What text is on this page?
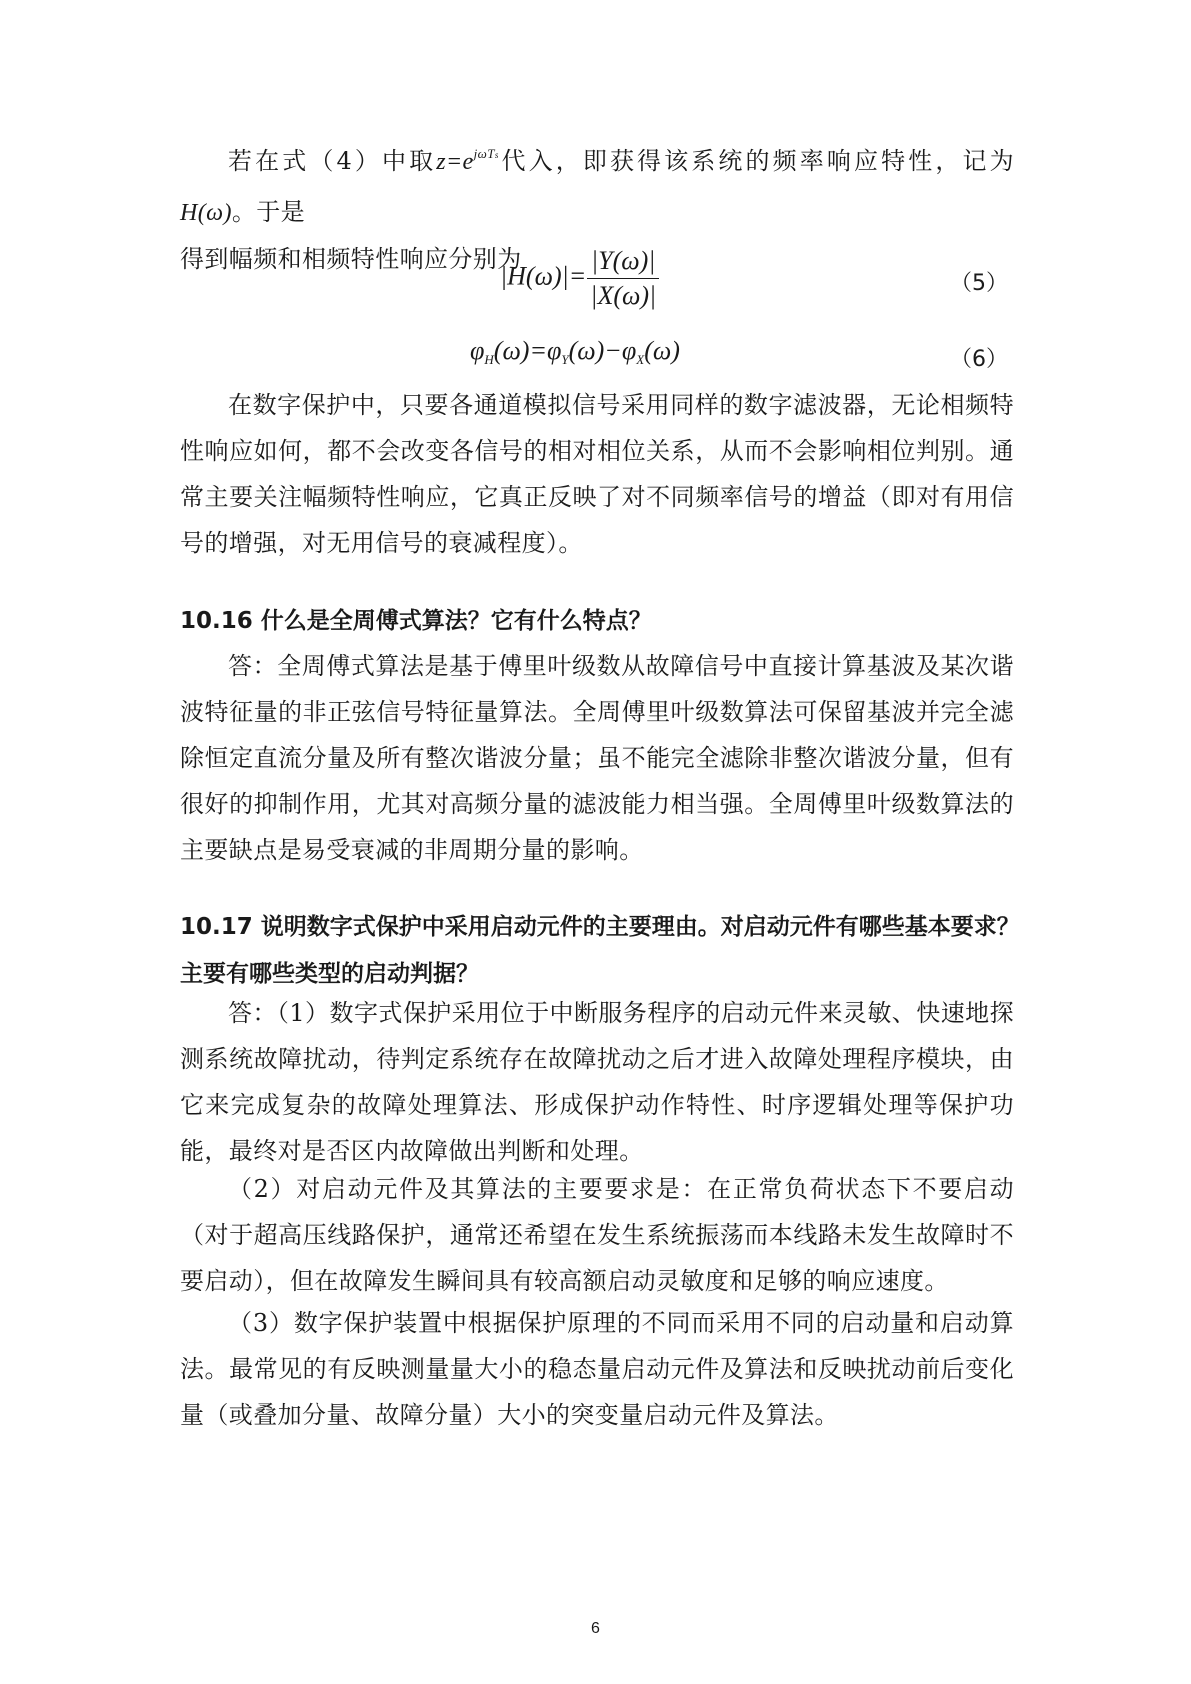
若在式（4）中取$z=e^{j\omega Ts}$代入，即获得该系统的频率响应特性，记为H(ω)。于是
得到幅频和相频特性响应分别为

$|H(\omega)|= \frac{|Y(\omega)|}{|X(\omega)|}$	（5）
φH(ω)=φY(ω)−φX(ω)	（6）

在数字保护中，只要各通道模拟信号采用同样的数字滤波器，无论相频特性响应如何，都不会改变各信号的相对相位关系，从而不会影响相位判别。通常主要关注幅频特性响应，它真正反映了对不同频率信号的增益（即对有用信号的增强，对无用信号的衰减程度）。

10.16 什么是全周傅式算法？它有什么特点？

答：全周傅式算法是基于傅里叶级数从故障信号中直接计算基波及某次谐波特征量的非正弦信号特征量算法。全周傅里叶级数算法可保留基波并完全滤除恒定直流分量及所有整次谐波分量；虽不能完全滤除非整次谐波分量，但有很好的抑制作用，尤其对高频分量的滤波能力相当强。全周傅里叶级数算法的主要缺点是易受衰减的非周期分量的影响。

10.17 说明数字式保护中采用启动元件的主要理由。对启动元件有哪些基本要求？主要有哪些类型的启动判据？

答：（1）数字式保护采用位于中断服务程序的启动元件来灵敏、快速地探测系统故障扰动，待判定系统存在故障扰动之后才进入故障处理程序模块，由它来完成复杂的故障处理算法、形成保护动作特性、时序逻辑处理等保护功能，最终对是否区内故障做出判断和处理。

（2）对启动元件及其算法的主要要求是：在正常负荷状态下不要启动（对于超高压线路保护，通常还希望在发生系统振荡而本线路未发生故障时不要启动），但在故障发生瞬间具有较高额启动灵敏度和足够的响应速度。

（3）数字保护装置中根据保护原理的不同而采用不同的启动量和启动算法。最常见的有反映测量量大小的稳态量启动元件及算法和反映扰动前后变化量（或叠加分量、故障分量）大小的突变量启动元件及算法。

6
